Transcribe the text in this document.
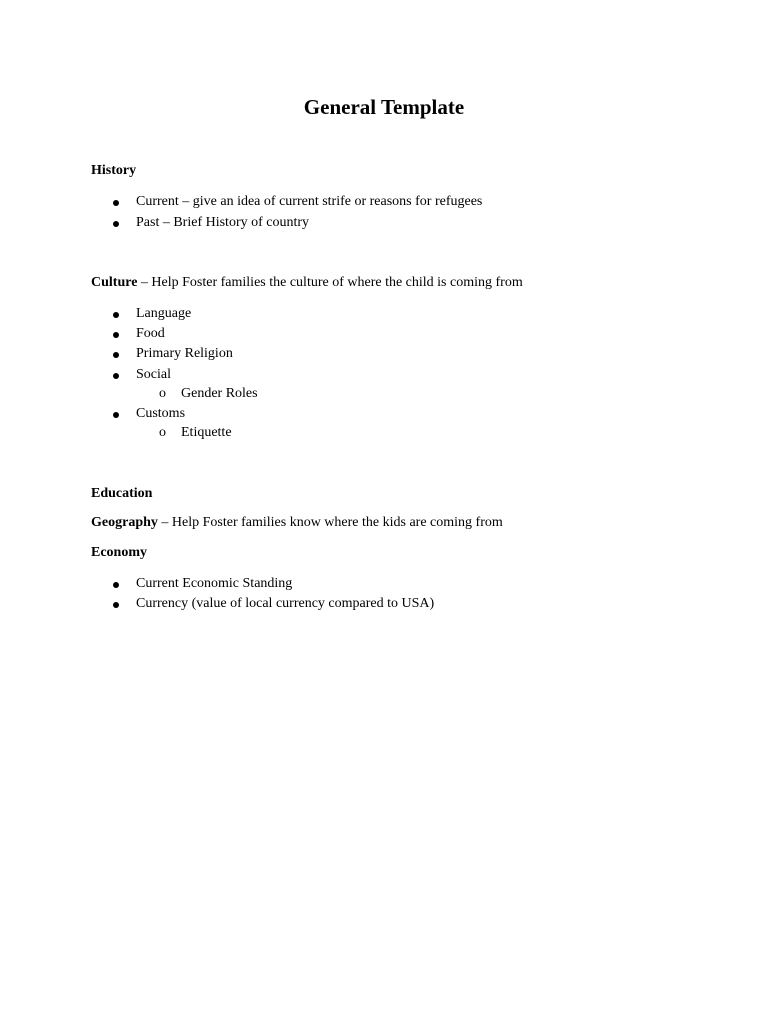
General Template
History
Current – give an idea of current strife or reasons for refugees
Past – Brief History of country
Culture – Help Foster families the culture of where the child is coming from
Language
Food
Primary Religion
Social
o Gender Roles
Customs
o Etiquette
Education
Geography – Help Foster families know where the kids are coming from
Economy
Current Economic Standing
Currency (value of local currency compared to USA)
